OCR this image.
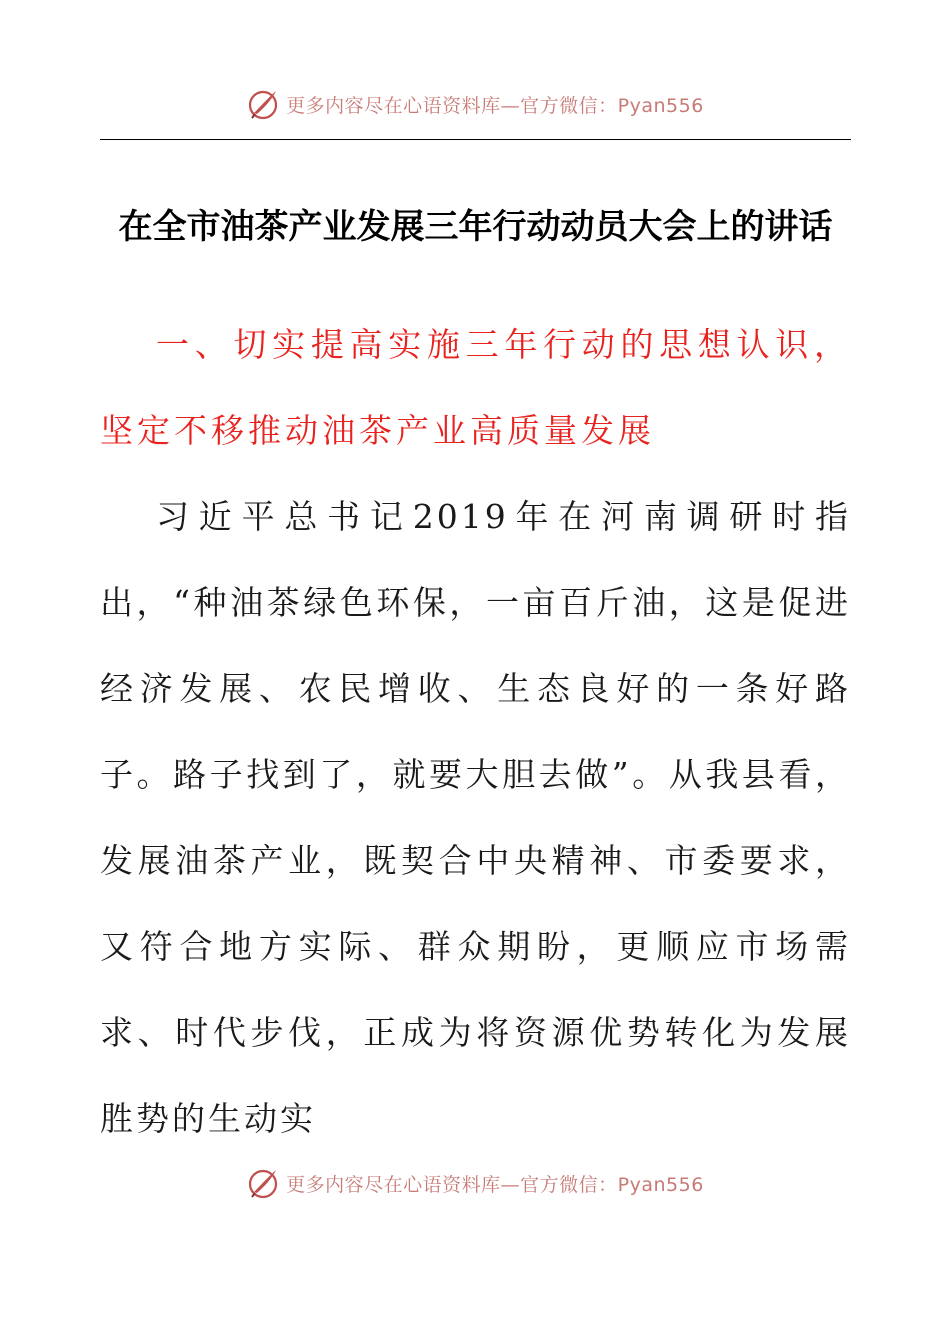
更多内容尽在心语资料库—官方微信：Pyan556
在全市油茶产业发展三年行动动员大会上的讲话
一、切实提高实施三年行动的思想认识，坚定不移推动油茶产业高质量发展
习近平总书记2019年在河南调研时指出，“种油茶绿色环保，一亩百斤油，这是促进经济发展、农民增收、生态良好的一条好路子。路子找到了，就要大胆去做”。从我县看，发展油茶产业，既契合中央精神、市委要求，又符合地方实际、群众期盼，更顺应市场需求、时代步伐，正成为将资源优势转化为发展胜势的生动实
更多内容尽在心语资料库—官方微信：Pyan556
